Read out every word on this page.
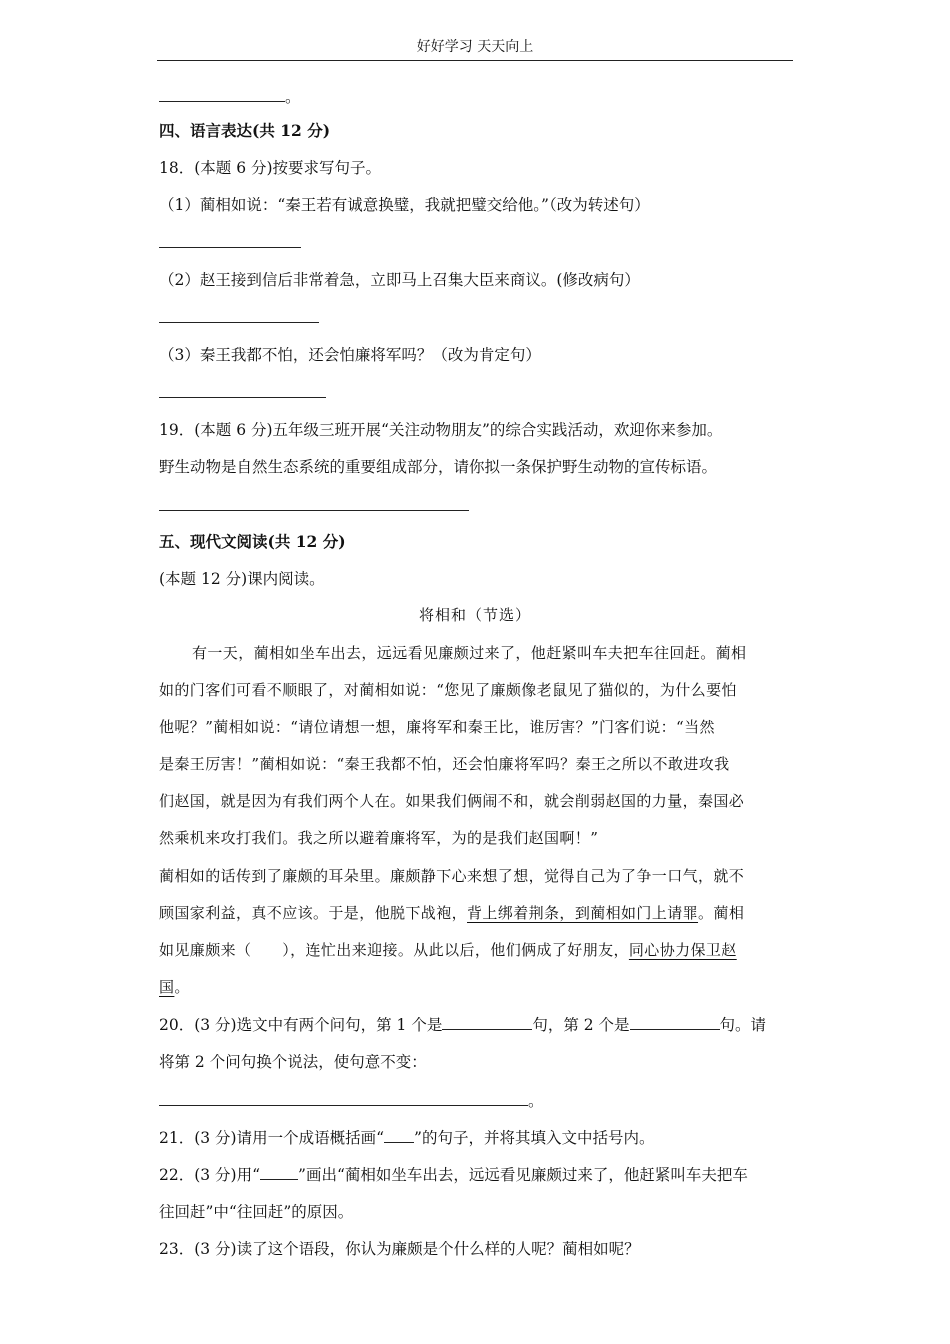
好好学习 天天向上
。
四、语言表达(共 12 分)
18．(本题 6 分)按要求写句子。
（1）蔺相如说：“秦王若有诚意换璧，我就把璧交给他。”（改为转述句）
（2）赵王接到信后非常着急，立即马上召集大臣来商议。(修改病句）
（3）秦王我都不怕，还会怕廉将军吗？（改为肯定句）
19．(本题 6 分)五年级三班开展“关注动物朋友”的综合实践活动，欢迎你来参加。
野生动物是自然生态系统的重要组成部分，请你拟一条保护野生动物的宣传标语。
五、现代文阅读(共 12 分)
(本题 12 分)课内阅读。
将相和（节选）
有一天，蔺相如坐车出去，远远看见廉颇过来了，他赶紧叫车夫把车往回赶。蔺相
如的门客们可看不顺眼了，对蔺相如说：“您见了廉颇像老鼠见了猫似的，为什么要怕
他呢？”蔺相如说：“请位请想一想，廉将军和秦王比，谁厉害？”门客们说：“当然
是秦王厉害！”蔺相如说：“秦王我都不怕，还会怕廉将军吗？秦王之所以不敢进攻我
们赵国，就是因为有我们两个人在。如果我们俩闹不和，就会削弱赵国的力量，秦国必
然乘机来攻打我们。我之所以避着廉将军，为的是我们赵国啊！”
蔺相如的话传到了廉颇的耳朵里。廉颇静下心来想了想，觉得自己为了争一口气，就不
顾国家利益，真不应该。于是，他脱下战袍，背上绑着荆条，到蔺相如门上请罪。蔺相
如见廉颇来（　　），连忙出来迎接。从此以后，他们俩成了好朋友，同心协力保卫赵
国。
20．(3 分)选文中有两个问句，第 1 个是	句，第 2 个是	句。请
将第 2 个问句换个说法，使句意不变：
。
21．(3 分)请用一个成语概括画“ ”的句子，并将其填入文中括号内。
22．(3 分)用“ ”画出“蔺相如坐车出去，远远看见廉颇过来了，他赶紧叫车夫把车
往回赶”中“往回赶”的原因。
23．(3 分)读了这个语段，你认为廉颇是个什么样的人呢？蔺相如呢？
